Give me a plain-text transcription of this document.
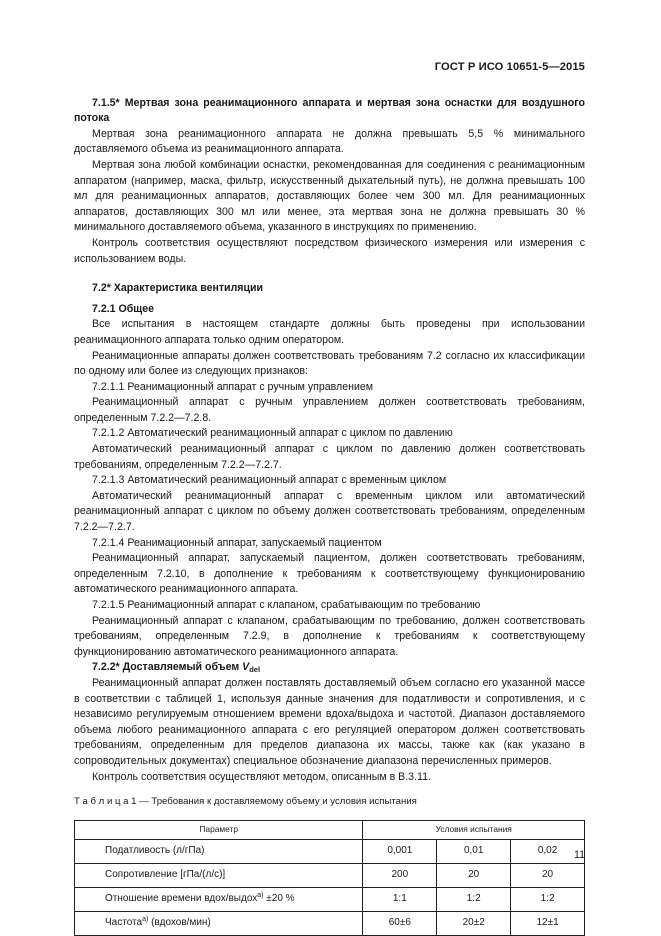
ГОСТ Р ИСО 10651-5—2015
7.1.5* Мертвая зона реанимационного аппарата и мертвая зона оснастки для воздушного потока

Мертвая зона реанимационного аппарата не должна превышать 5,5 % минимального доставляемого объема из реанимационного аппарата.

Мертвая зона любой комбинации оснастки, рекомендованная для соединения с реанимационным аппаратом (например, маска, фильтр, искусственный дыхательный путь), не должна превышать 100 мл для реанимационных аппаратов, доставляющих более чем 300 мл. Для реанимационных аппаратов, доставляющих 300 мл или менее, эта мертвая зона не должна превышать 30 % минимального доставляемого объема, указанного в инструкциях по применению.

Контроль соответствия осуществляют посредством физического измерения или измерения с использованием воды.

7.2* Характеристика вентиляции
7.2.1 Общее

Все испытания в настоящем стандарте должны быть проведены при использовании реанимационного аппарата только одним оператором.

Реанимационные аппараты должен соответствовать требованиям 7.2 согласно их классификации по одному или более из следующих признаков:

7.2.1.1 Реанимационный аппарат с ручным управлением

Реанимационный аппарат с ручным управлением должен соответствовать требованиям, определенным 7.2.2—7.2.8.

7.2.1.2 Автоматический реанимационный аппарат с циклом по давлению

Автоматический реанимационный аппарат с циклом по давлению должен соответствовать требованиям, определенным 7.2.2—7.2.7.

7.2.1.3 Автоматический реанимационный аппарат с временным циклом

Автоматический реанимационный аппарат с временным циклом или автоматический реанимационный аппарат с циклом по объему должен соответствовать требованиям, определенным 7.2.2—7.2.7.

7.2.1.4 Реанимационный аппарат, запускаемый пациентом

Реанимационный аппарат, запускаемый пациентом, должен соответствовать требованиям, определенным 7.2.10, в дополнение к требованиям к соответствующему функционированию автоматического реанимационного аппарата.

7.2.1.5 Реанимационный аппарат с клапаном, срабатывающим по требованию

Реанимационный аппарат с клапаном, срабатывающим по требованию, должен соответствовать требованиям, определенным 7.2.9, в дополнение к требованиям к соответствующему функционированию автоматического реанимационного аппарата.

7.2.2* Доставляемый объем $V_{del}$

Реанимационный аппарат должен поставлять доставляемый объем согласно его указанной массе в соответствии с таблицей 1, используя данные значения для податливости и сопротивления, и с независимо регулируемым отношением времени вдоха/выдоха и частотой. Диапазон доставляемого объема любого реанимационного аппарата с его регуляцией оператором должен соответствовать требованиям, определенным для пределов диапазона их массы, также как (как указано в сопроводительных документах) специальное обозначение диапазона перечисленных примеров.

Контроль соответствия осуществляют методом, описанным в В.3.11.

Т а б л и ц а 1 — Требования к доставляемому объему и условия испытания
Параметр	Условия испытания		
Податливость (л/гПа)	0,001	0,01	0,02
Сопротивление [гПа/(л/с)]	200	20	20
Отношение времени вдох/выдох$^{а)}$ ±20 %	1:1	1:2	1:2
Частота$^{а)}$ (вдохов/мин)	60±6	20±2	12±1
11
